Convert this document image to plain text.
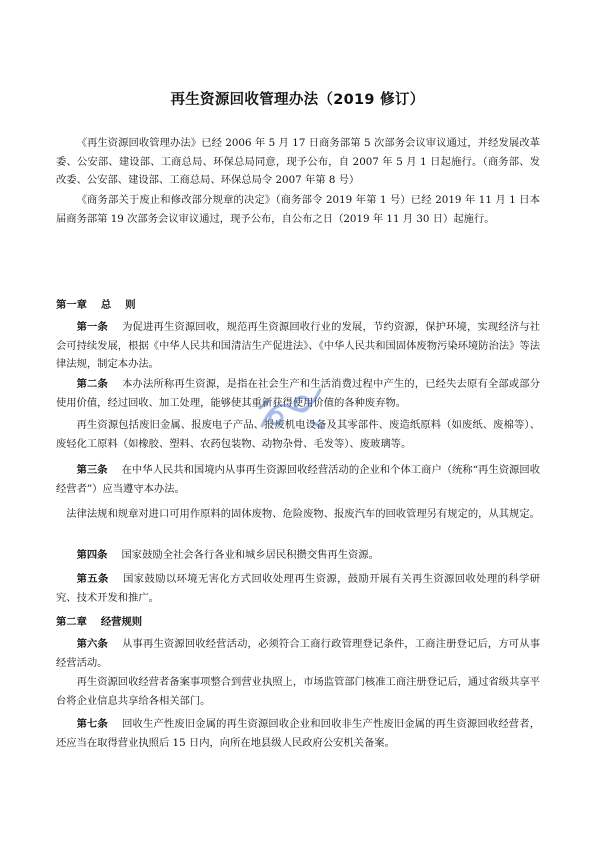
再生资源回收管理办法（2019 修订）

《再生资源回收管理办法》已经 2006 年 5 月 17 日商务部第 5 次部务会议审议通过，并经发展改革委、公安部、建设部、工商总局、环保总局同意，现予公布，自 2007 年 5 月 1 日起施行。（商务部、发改委、公安部、建设部、工商总局、环保总局令 2007 年第 8 号）

《商务部关于废止和修改部分规章的决定》（商务部令 2019 年第 1 号）已经 2019 年 11 月 1 日本届商务部第 19 次部务会议审议通过，现予公布，自公布之日（2019 年 11 月 30 日）起施行。

第一章 总 则

第一条 为促进再生资源回收，规范再生资源回收行业的发展，节约资源，保护环境，实现经济与社会可持续发展，根据《中华人民共和国清洁生产促进法》、《中华人民共和国固体废物污染环境防治法》等法律法规，制定本办法。

第二条 本办法所称再生资源，是指在社会生产和生活消费过程中产生的，已经失去原有全部或部分使用价值，经过回收、加工处理，能够使其重新获得使用价值的各种废弃物。

再生资源包括废旧金属、报废电子产品、报废机电设备及其零部件、废造纸原料（如废纸、废棉等）、废轻化工原料（如橡胶、塑料、农药包装物、动物杂骨、毛发等）、废玻璃等。

第三条 在中华人民共和国境内从事再生资源回收经营活动的企业和个体工商户（统称“再生资源回收经营者”）应当遵守本办法。

法律法规和规章对进口可用作原料的固体废物、危险废物、报废汽车的回收管理另有规定的，从其规定。

第四条 国家鼓励全社会各行各业和城乡居民积攒交售再生资源。

第五条 国家鼓励以环境无害化方式回收处理再生资源，鼓励开展有关再生资源回收处理的科学研究、技术开发和推广。

第二章 经营规则

第六条 从事再生资源回收经营活动，必须符合工商行政管理登记条件，工商注册登记后，方可从事经营活动。

再生资源回收经营者备案事项整合到营业执照上，市场监管部门核准工商注册登记后，通过省级共享平台将企业信息共享给各相关部门。

第七条 回收生产性废旧金属的再生资源回收企业和回收非生产性废旧金属的再生资源回收经营者，还应当在取得营业执照后 15 日内，向所在地县级人民政府公安机关备案。
